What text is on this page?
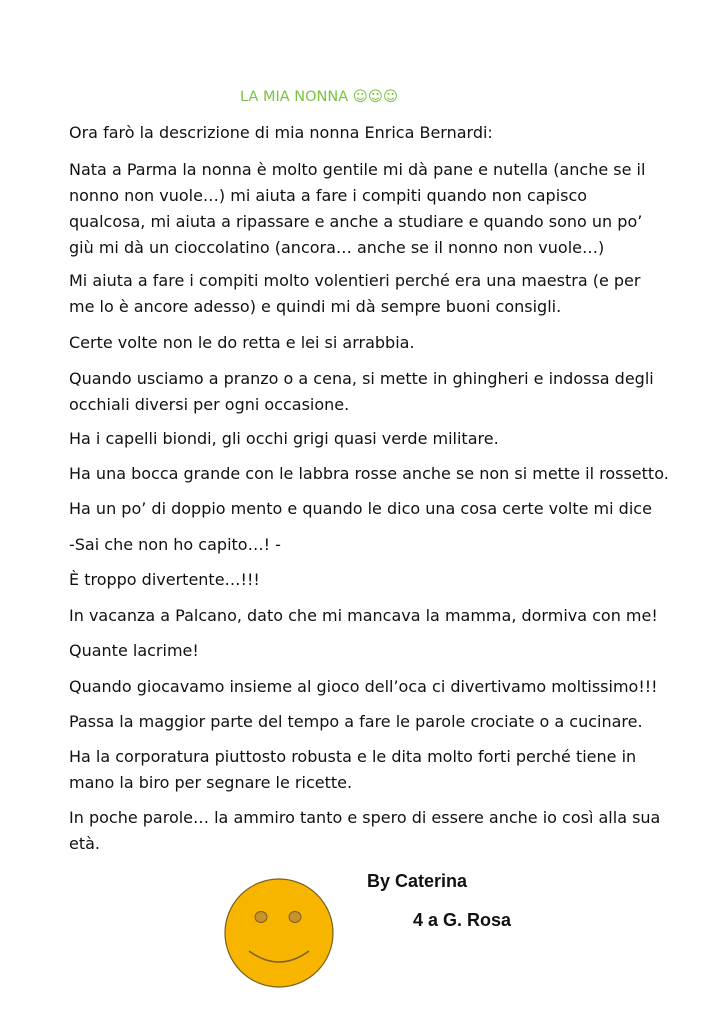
LA MIA NONNA ☺☺☺
Ora farò la descrizione di mia nonna Enrica Bernardi:
Nata a Parma la nonna è molto gentile mi dà pane e nutella (anche se il
nonno non vuole…) mi aiuta a fare i compiti quando non capisco
qualcosa, mi aiuta a ripassare e anche a studiare e quando sono un po’
giù mi dà un cioccolatino (ancora… anche se il nonno non vuole…)
Mi aiuta a fare i compiti molto volentieri perché era una maestra (e per
me lo è ancore adesso) e quindi mi dà sempre buoni consigli.
Certe volte non le do retta e lei si arrabbia.
Quando usciamo a pranzo o a cena, si mette in ghingheri e indossa degli
occhiali diversi per ogni occasione.
Ha i capelli biondi, gli occhi grigi quasi verde militare.
Ha una bocca grande con le labbra rosse anche se non si mette il rossetto.
Ha un po’ di doppio mento e quando le dico una cosa certe volte mi dice
-Sai che non ho capito…! -
È troppo divertente…!!!
In vacanza a Palcano, dato che mi mancava la mamma, dormiva con me!
Quante lacrime!
Quando giocavamo insieme al gioco dell’oca ci divertivamo moltissimo!!!
Passa la maggior parte del tempo a fare le parole crociate o a cucinare.
Ha la corporatura piuttosto robusta e le dita molto forti perché tiene in
mano la biro per segnare le ricette.
In poche parole… la ammiro tanto e spero di essere anche io così alla sua
età.
By Caterina
4 a G. Rosa
